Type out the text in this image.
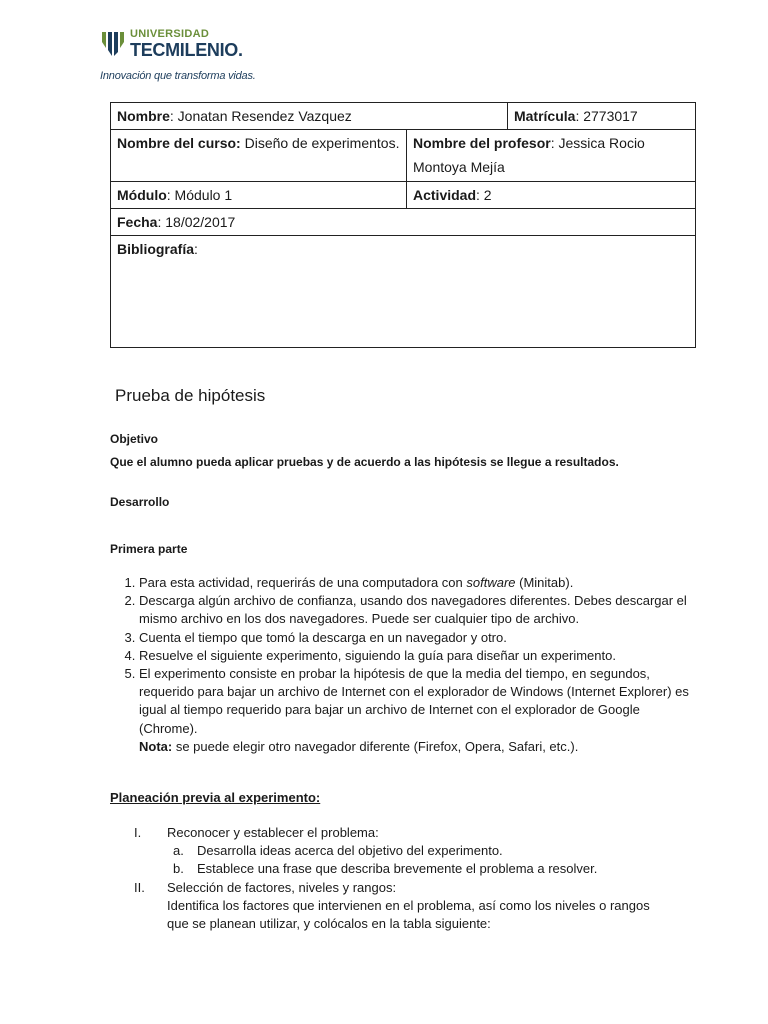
UNIVERSIDAD
TECMILENIO.
Innovación que transforma vidas.
Nombre: Jonatan Resendez Vazquez		Matrícula: 2773017
Nombre del curso: Diseño de experimentos.	Nombre del profesor: Jessica Rocio Montoya Mejía	
Módulo: Módulo 1	Actividad: 2	
Fecha: 18/02/2017		
Bibliografía:		
Prueba de hipótesis
Objetivo
Que el alumno pueda aplicar pruebas y de acuerdo a las hipótesis se llegue a resultados.
Desarrollo
Primera parte
1. Para esta actividad, requerirás de una computadora con software (Minitab).
2. Descarga algún archivo de confianza, usando dos navegadores diferentes. Debes descargar el mismo archivo en los dos navegadores. Puede ser cualquier tipo de archivo.
3. Cuenta el tiempo que tomó la descarga en un navegador y otro.
4. Resuelve el siguiente experimento, siguiendo la guía para diseñar un experimento.
5. El experimento consiste en probar la hipótesis de que la media del tiempo, en segundos, requerido para bajar un archivo de Internet con el explorador de Windows (Internet Explorer) es igual al tiempo requerido para bajar un archivo de Internet con el explorador de Google (Chrome).
Nota: se puede elegir otro navegador diferente (Firefox, Opera, Safari, etc.).
Planeación previa al experimento:
I. Reconocer y establecer el problema:
a. Desarrolla ideas acerca del objetivo del experimento.
b. Establece una frase que describa brevemente el problema a resolver.
II. Selección de factores, niveles y rangos:
Identifica los factores que intervienen en el problema, así como los niveles o rangos que se planean utilizar, y colócalos en la tabla siguiente:
